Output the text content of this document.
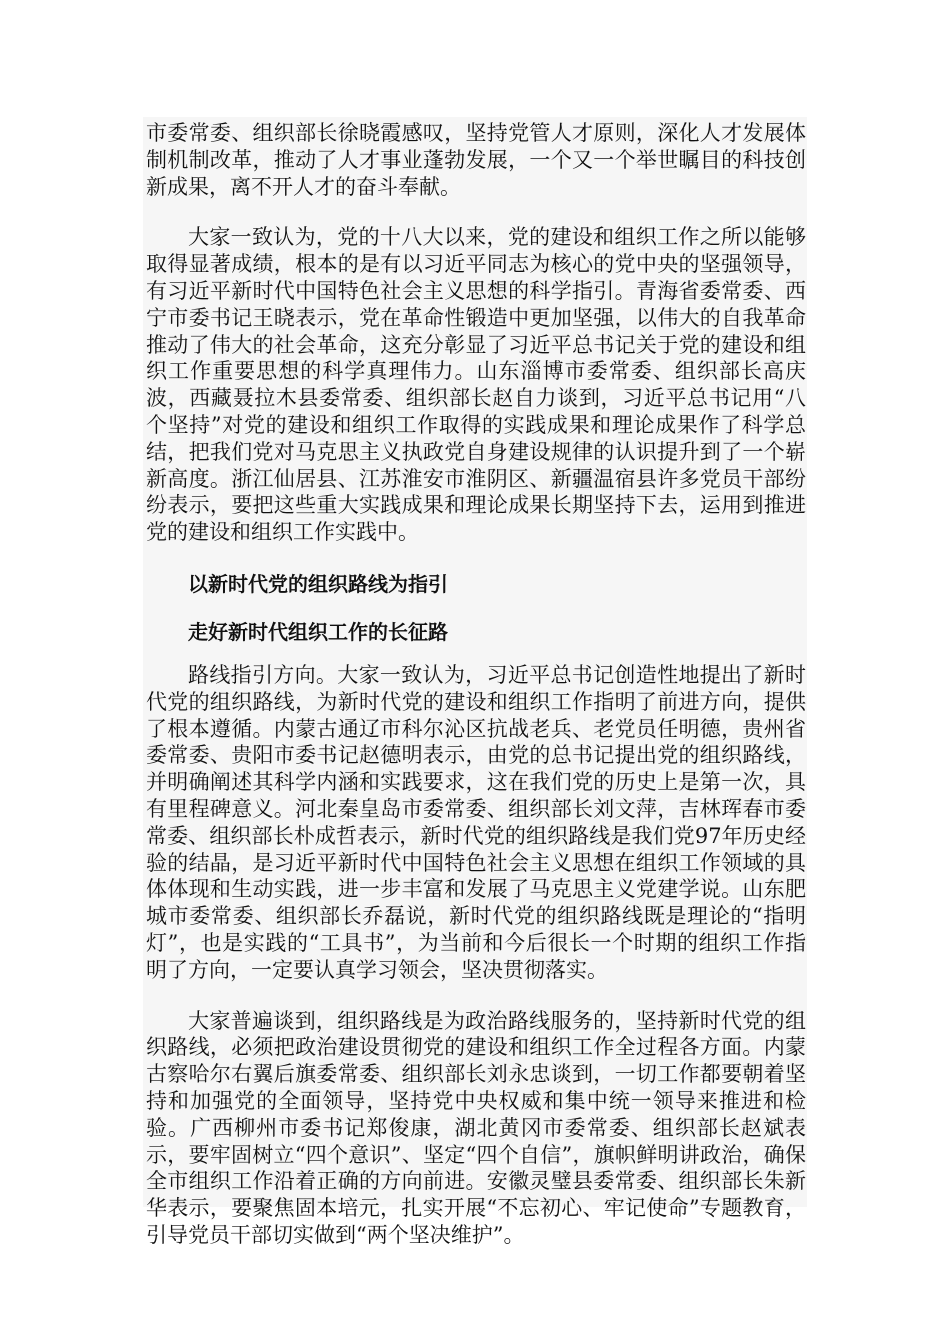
市委常委、组织部长徐晓霞感叹，坚持党管人才原则，深化人才发展体制机制改革，推动了人才事业蓬勃发展，一个又一个举世瞩目的科技创新成果，离不开人才的奋斗奉献。

大家一致认为，党的十八大以来，党的建设和组织工作之所以能够取得显著成绩，根本的是有以习近平同志为核心的党中央的坚强领导，有习近平新时代中国特色社会主义思想的科学指引。青海省委常委、西宁市委书记王晓表示，党在革命性锻造中更加坚强，以伟大的自我革命推动了伟大的社会革命，这充分彰显了习近平总书记关于党的建设和组织工作重要思想的科学真理伟力。山东淄博市委常委、组织部长高庆波，西藏聂拉木县委常委、组织部长赵自力谈到，习近平总书记用“八个坚持”对党的建设和组织工作取得的实践成果和理论成果作了科学总结，把我们党对马克思主义执政党自身建设规律的认识提升到了一个崭新高度。浙江仙居县、江苏淮安市淮阴区、新疆温宿县许多党员干部纷纷表示，要把这些重大实践成果和理论成果长期坚持下去，运用到推进党的建设和组织工作实践中。

以新时代党的组织路线为指引

走好新时代组织工作的长征路

路线指引方向。大家一致认为，习近平总书记创造性地提出了新时代党的组织路线，为新时代党的建设和组织工作指明了前进方向，提供了根本遵循。内蒙古通辽市科尔沁区抗战老兵、老党员任明德，贵州省委常委、贵阳市委书记赵德明表示，由党的总书记提出党的组织路线，并明确阐述其科学内涵和实践要求，这在我们党的历史上是第一次，具有里程碑意义。河北秦皇岛市委常委、组织部长刘文萍，吉林珲春市委常委、组织部长朴成哲表示，新时代党的组织路线是我们党97年历史经验的结晶，是习近平新时代中国特色社会主义思想在组织工作领域的具体体现和生动实践，进一步丰富和发展了马克思主义党建学说。山东肥城市委常委、组织部长乔磊说，新时代党的组织路线既是理论的“指明灯”，也是实践的“工具书”，为当前和今后很长一个时期的组织工作指明了方向，一定要认真学习领会，坚决贯彻落实。

大家普遍谈到，组织路线是为政治路线服务的，坚持新时代党的组织路线，必须把政治建设贯彻党的建设和组织工作全过程各方面。内蒙古察哈尔右翼后旗委常委、组织部长刘永忠谈到，一切工作都要朝着坚持和加强党的全面领导，坚持党中央权威和集中统一领导来推进和检验。广西柳州市委书记郑俊康，湖北黄冈市委常委、组织部长赵斌表示，要牢固树立“四个意识”、坚定“四个自信”，旗帜鲜明讲政治，确保全市组织工作沿着正确的方向前进。安徽灵璧县委常委、组织部长朱新华表示，要聚焦固本培元，扎实开展“不忘初心、牢记使命”专题教育，引导党员干部切实做到“两个坚决维护”。
